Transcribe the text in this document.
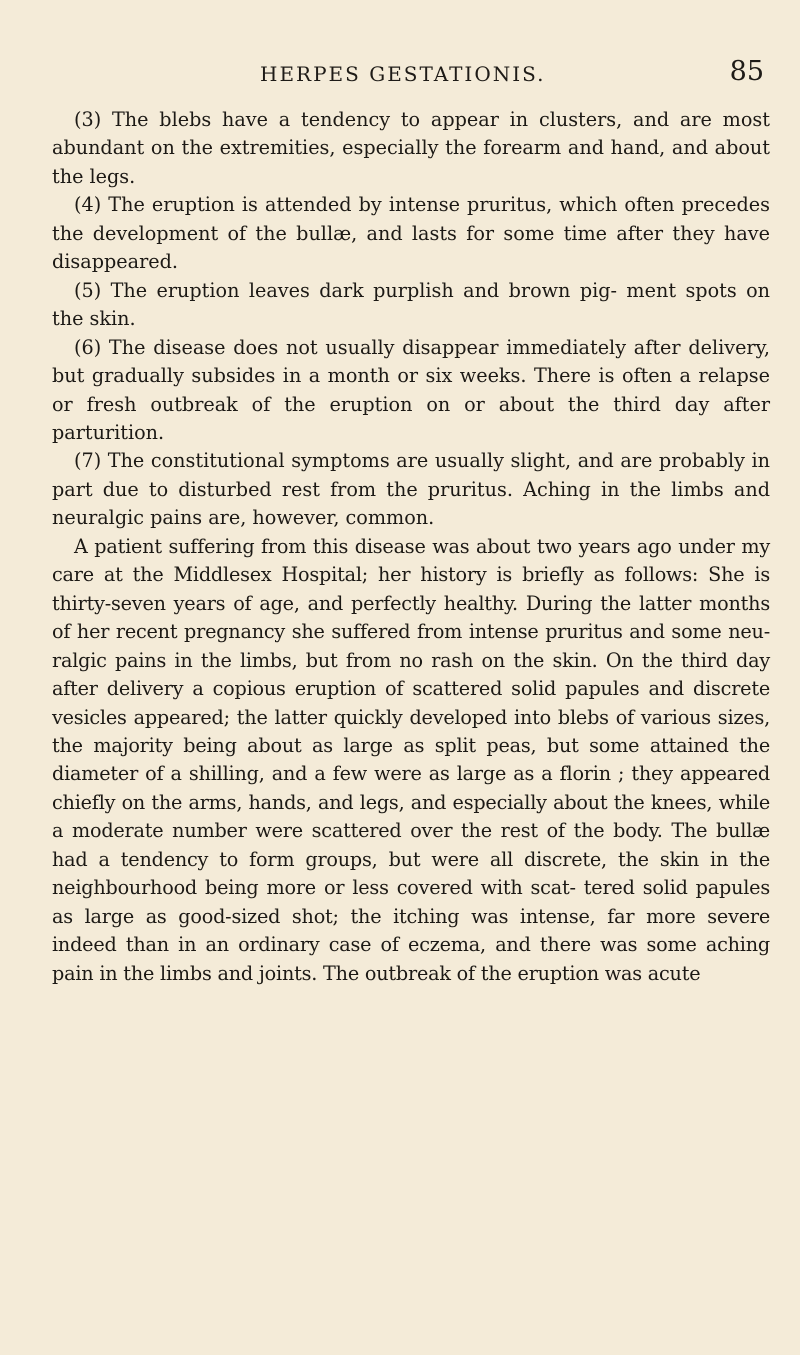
HERPES GESTATIONIS.	85

(3) The blebs have a tendency to appear in clusters, and are most abundant on the extremities, especially the forearm and hand, and about the legs.

(4) The eruption is attended by intense pruritus, which often precedes the development of the bullæ, and lasts for some time after they have disappeared.

(5) The eruption leaves dark purplish and brown pig- ment spots on the skin.

(6) The disease does not usually disappear immediately after delivery, but gradually subsides in a month or six weeks. There is often a relapse or fresh outbreak of the eruption on or about the third day after parturition.

(7) The constitutional symptoms are usually slight, and are probably in part due to disturbed rest from the pruritus. Aching in the limbs and neuralgic pains are, however, common.

A patient suffering from this disease was about two years ago under my care at the Middlesex Hospital; her history is briefly as follows: She is thirty-seven years of age, and perfectly healthy. During the latter months of her recent pregnancy she suffered from intense pruritus and some neu- ralgic pains in the limbs, but from no rash on the skin. On the third day after delivery a copious eruption of scattered solid papules and discrete vesicles appeared; the latter quickly developed into blebs of various sizes, the majority being about as large as split peas, but some attained the diameter of a shilling, and a few were as large as a florin ; they appeared chiefly on the arms, hands, and legs, and especially about the knees, while a moderate number were scattered over the rest of the body. The bullæ had a tendency to form groups, but were all discrete, the skin in the neighbourhood being more or less covered with scat- tered solid papules as large as good-sized shot; the itching was intense, far more severe indeed than in an ordinary case of eczema, and there was some aching pain in the limbs and joints. The outbreak of the eruption was acute
